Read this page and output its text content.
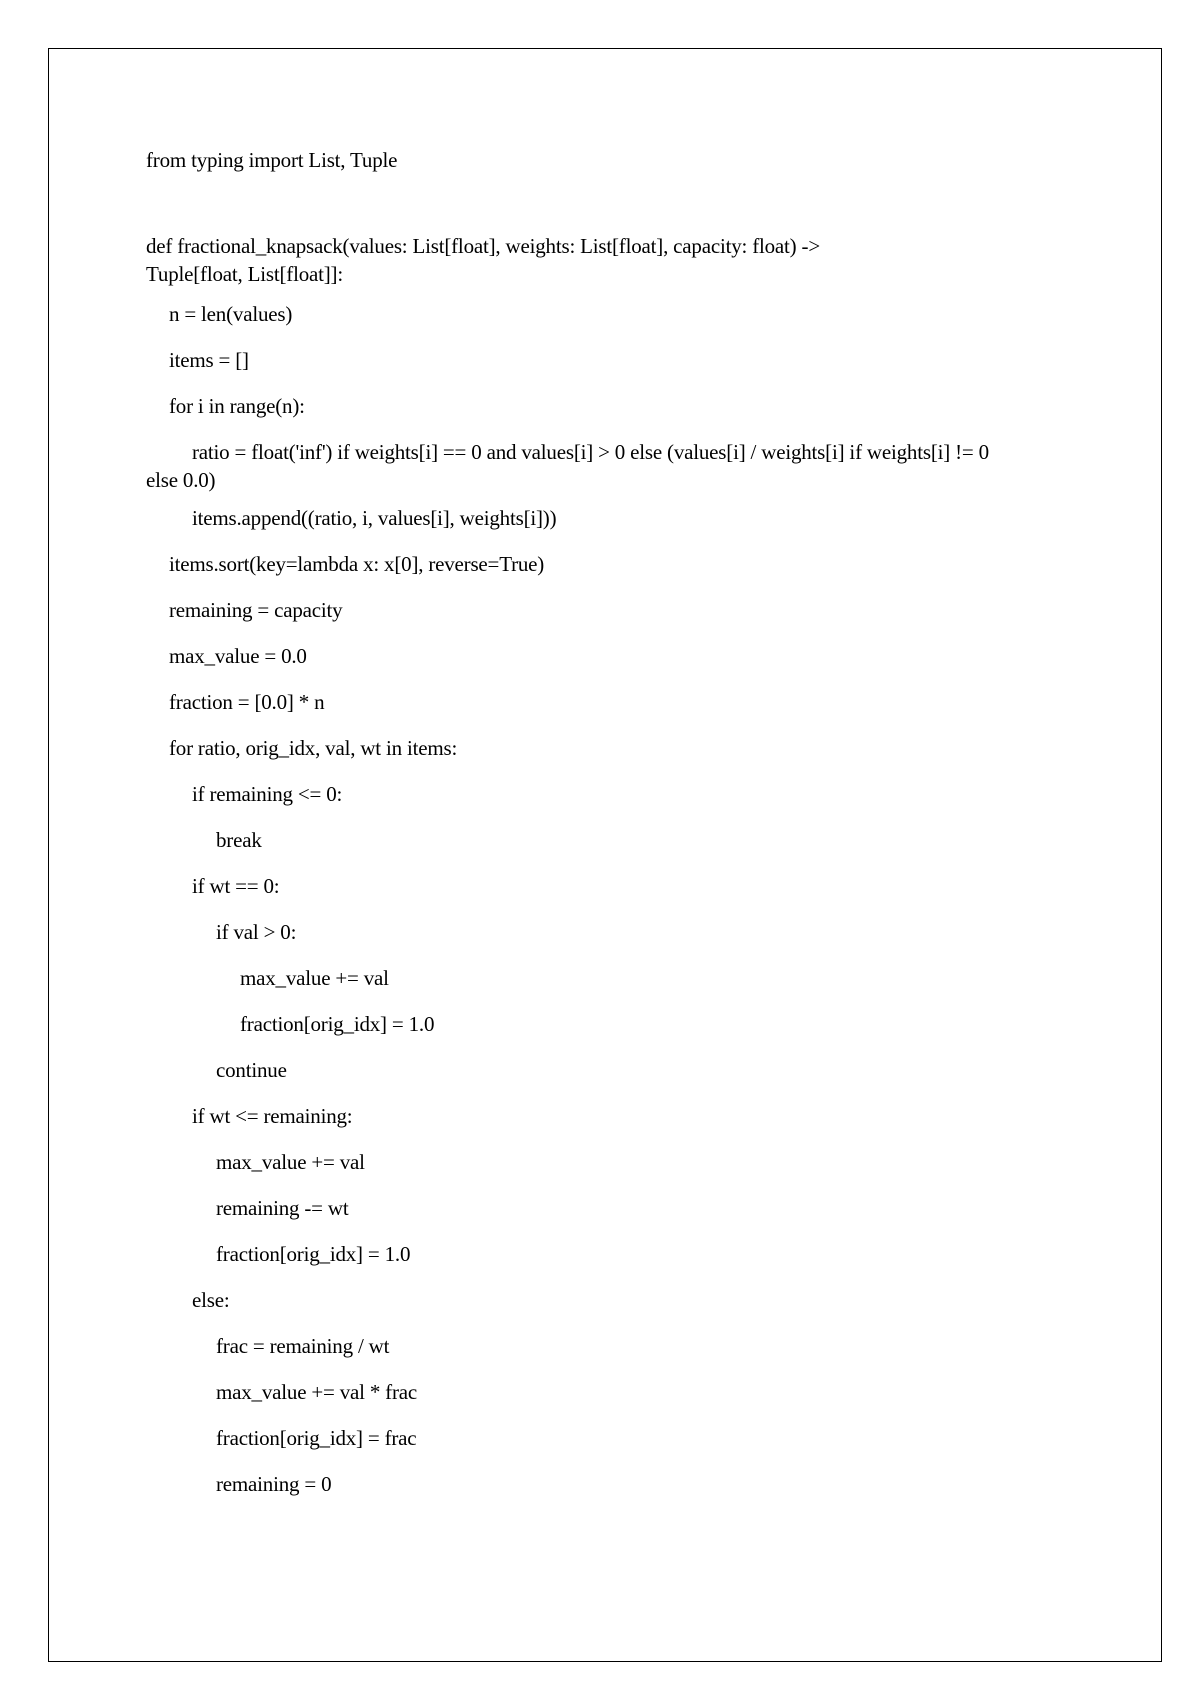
from typing import List, Tuple
def fractional_knapsack(values: List[float], weights: List[float], capacity: float) -> Tuple[float, List[float]]:
n = len(values)
items = []
for i in range(n):
ratio = float('inf') if weights[i] == 0 and values[i] > 0 else (values[i] / weights[i] if weights[i] != 0 else 0.0)
items.append((ratio, i, values[i], weights[i]))
items.sort(key=lambda x: x[0], reverse=True)
remaining = capacity
max_value = 0.0
fraction = [0.0] * n
for ratio, orig_idx, val, wt in items:
if remaining <= 0:
break
if wt == 0:
if val > 0:
max_value += val
fraction[orig_idx] = 1.0
continue
if wt <= remaining:
max_value += val
remaining -= wt
fraction[orig_idx] = 1.0
else:
frac = remaining / wt
max_value += val * frac
fraction[orig_idx] = frac
remaining = 0
